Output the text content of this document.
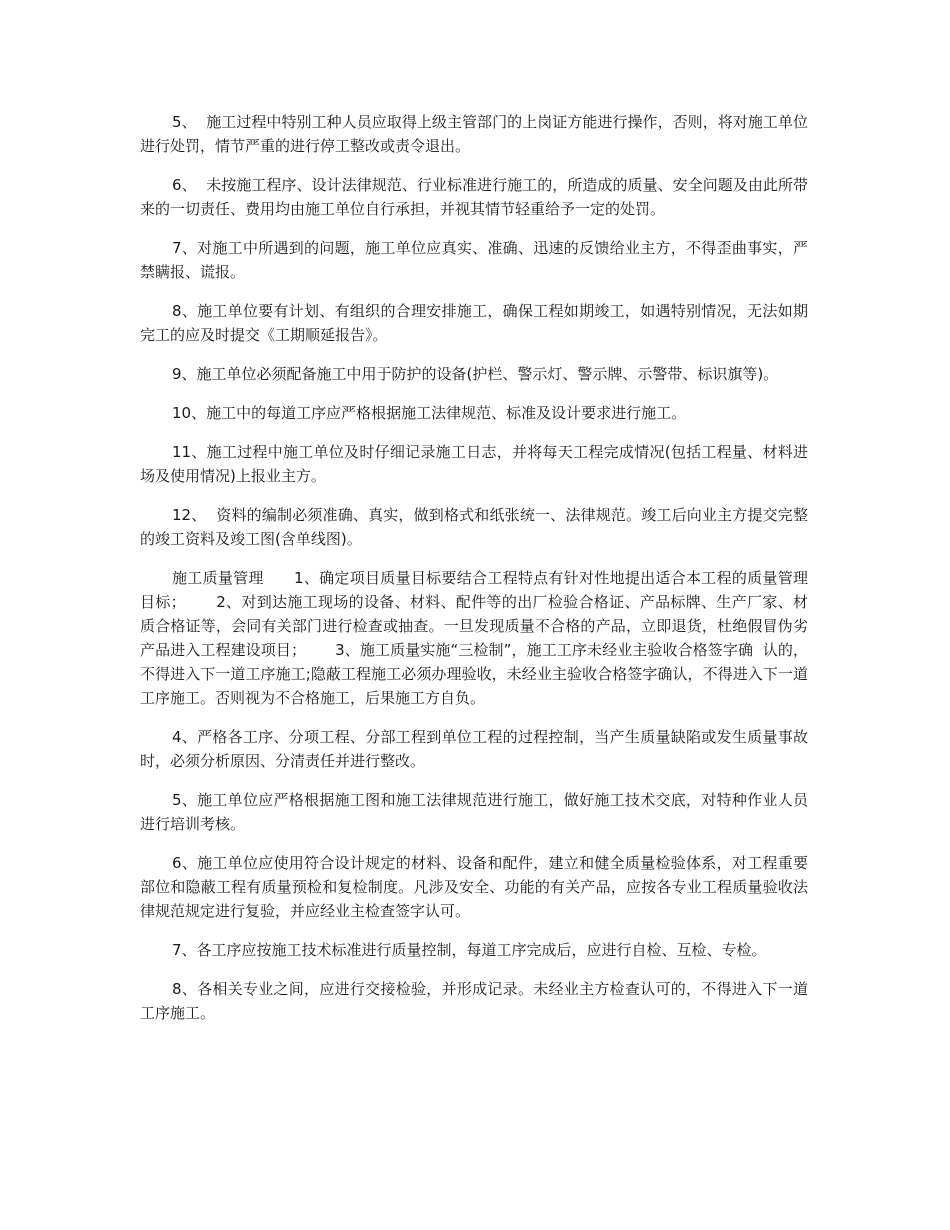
5、  施工过程中特别工种人员应取得上级主管部门的上岗证方能进行操作，否则，将对施工单位进行处罚，情节严重的进行停工整改或责令退出。

6、  未按施工程序、设计法律规范、行业标准进行施工的，所造成的质量、安全问题及由此所带来的一切责任、费用均由施工单位自行承担，并视其情节轻重给予一定的处罚。

7、对施工中所遇到的问题，施工单位应真实、准确、迅速的反馈给业主方，不得歪曲事实，严禁瞒报、谎报。

8、施工单位要有计划、有组织的合理安排施工，确保工程如期竣工，如遇特别情况，无法如期完工的应及时提交《工期顺延报告》。

9、施工单位必须配备施工中用于防护的设备(护栏、警示灯、警示牌、示警带、标识旗等)。

10、施工中的每道工序应严格根据施工法律规范、标准及设计要求进行施工。

11、施工过程中施工单位及时仔细记录施工日志，并将每天工程完成情况(包括工程量、材料进场及使用情况)上报业主方。

12、  资料的编制必须准确、真实，做到格式和纸张统一、法律规范。竣工后向业主方提交完整的竣工资料及竣工图(含单线图)。

施工质量管理      1、确定项目质量目标要结合工程特点有针对性地提出适合本工程的质量管理目标；      2、对到达施工现场的设备、材料、配件等的出厂检验合格证、产品标牌、生产厂家、材质合格证等，会同有关部门进行检查或抽查。一旦发现质量不合格的产品，立即退货，杜绝假冒伪劣产品进入工程建设项目；      3、施工质量实施“三检制”，施工工序未经业主验收合格签字确  认的，不得进入下一道工序施工;隐蔽工程施工必须办理验收，未经业主验收合格签字确认，不得进入下一道工序施工。否则视为不合格施工，后果施工方自负。

4、严格各工序、分项工程、分部工程到单位工程的过程控制，当产生质量缺陷或发生质量事故时，必须分析原因、分清责任并进行整改。

5、施工单位应严格根据施工图和施工法律规范进行施工，做好施工技术交底，对特种作业人员进行培训考核。

6、施工单位应使用符合设计规定的材料、设备和配件，建立和健全质量检验体系，对工程重要部位和隐蔽工程有质量预检和复检制度。凡涉及安全、功能的有关产品，应按各专业工程质量验收法律规范规定进行复验，并应经业主检查签字认可。

7、各工序应按施工技术标准进行质量控制，每道工序完成后，应进行自检、互检、专检。

8、各相关专业之间，应进行交接检验，并形成记录。未经业主方检查认可的，不得进入下一道工序施工。
